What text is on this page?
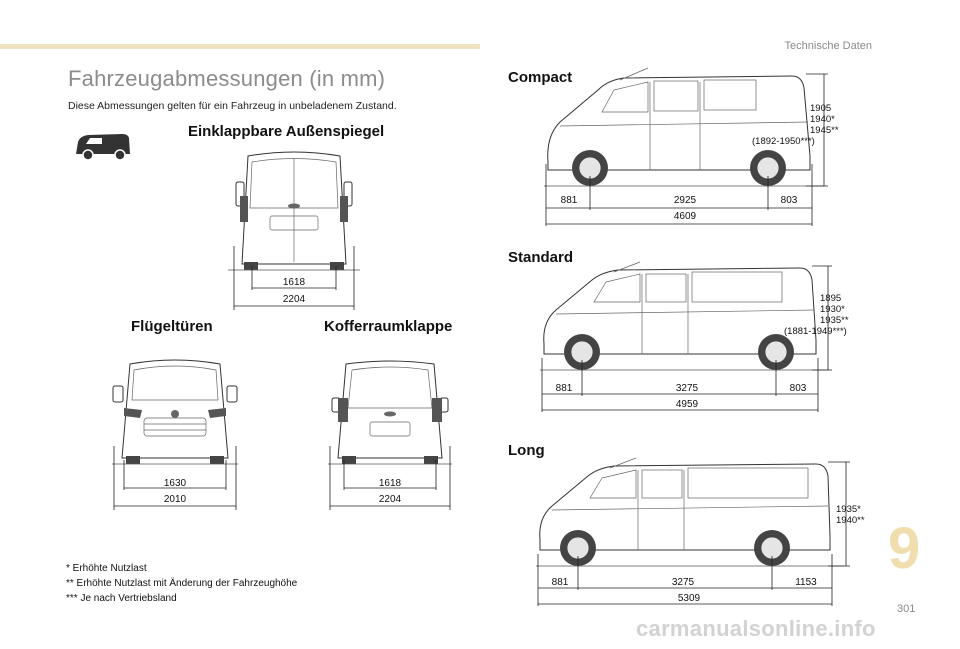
Technische Daten
Fahrzeugabmessungen (in mm)
Diese Abmessungen gelten für ein Fahrzeug in unbeladenem Zustand.
Einklappbare Außenspiegel
1618
2204
Flügeltüren
1630
2010
Kofferraumklappe
1618
2204
* Erhöhte Nutzlast
** Erhöhte Nutzlast mit Änderung der Fahrzeughöhe
*** Je nach Vertriebsland
Compact
881	2925	803
4609
1905
1940*
1945**
(1892-1950***)
Standard
881	3275	803
4959
1895
1930*
1935**
(1881-1949***)
Long
881	3275	1153
5309
1935*
1940** 9
301
carmanualsonline.info
